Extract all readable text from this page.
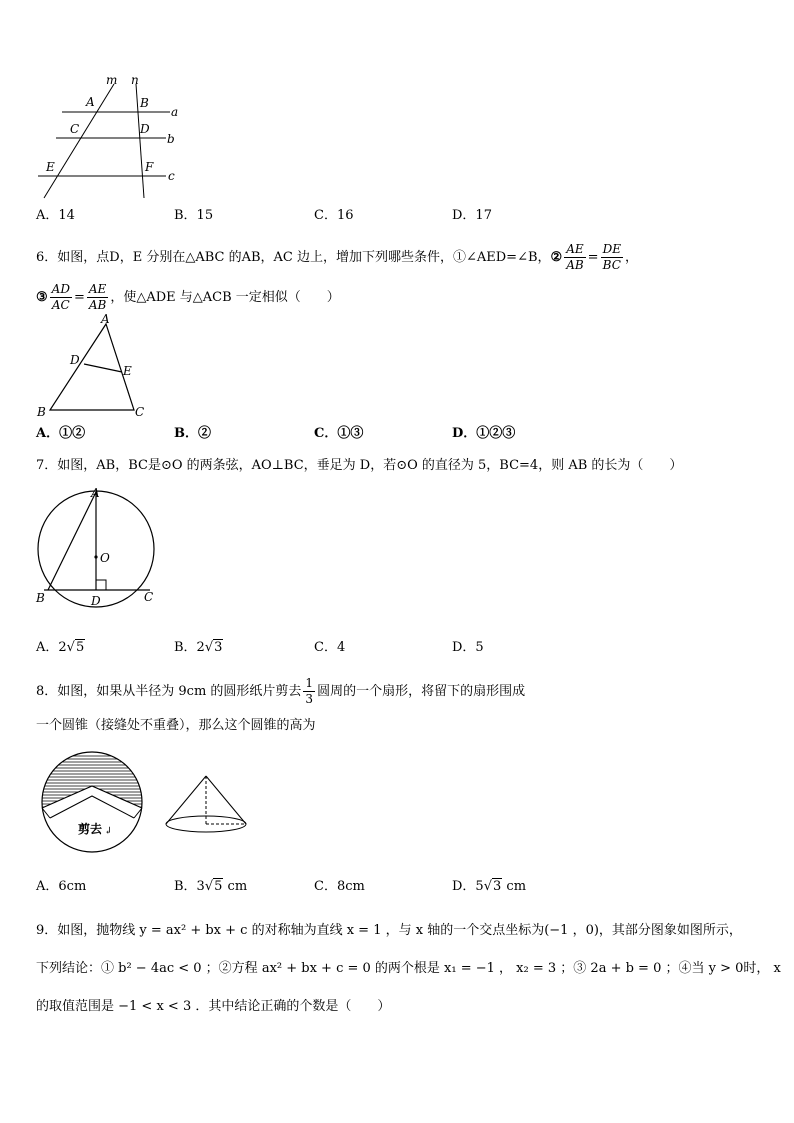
m n
A	B
a
C	D
b
E	F
c
A．14	B．15	C．16	D．17
6．如图，点D，E 分别在△ABC 的AB，AC 边上，增加下列哪些条件，①∠AED=∠B，② $\frac{AE}{AB} = \frac{DE}{BC}$ ，
③ $\frac{AD}{AC} = \frac{AE}{AB}$ ，使△ADE 与△ACB 一定相似（　　）
A
D
E
B	C
A．①②	B．②	C．①③	D．①②③
7．如图，AB，BC是⊙O 的两条弦，AO⊥BC，垂足为 D，若⊙O 的直径为 5，BC=4，则 AB 的长为（　　）
A
O
B	D	C
A．2√5	B．2√3	C．4	D．5
8．如图，如果从半径为 9cm 的圆形纸片剪去 $\frac{1}{3}$ 圆周的一个扇形，将留下的扇形围成
一个圆锥（接缝处不重叠），那么这个圆锥的高为
剪去 ↲
A．6cm	B．3√5 cm	C．8cm	D．5√3 cm
9．如图，抛物线 y = ax² + bx + c 的对称轴为直线 x = 1 ，与 x 轴的一个交点坐标为(−1 ，0)，其部分图象如图所示，
下列结论：① b² − 4ac < 0 ；②方程 ax² + bx + c = 0 的两个根是 x₁ = −1 ， x₂ = 3 ；③ 2a + b = 0 ；④当 y > 0时， x
的取值范围是 −1 < x < 3 ．其中结论正确的个数是（　　）
